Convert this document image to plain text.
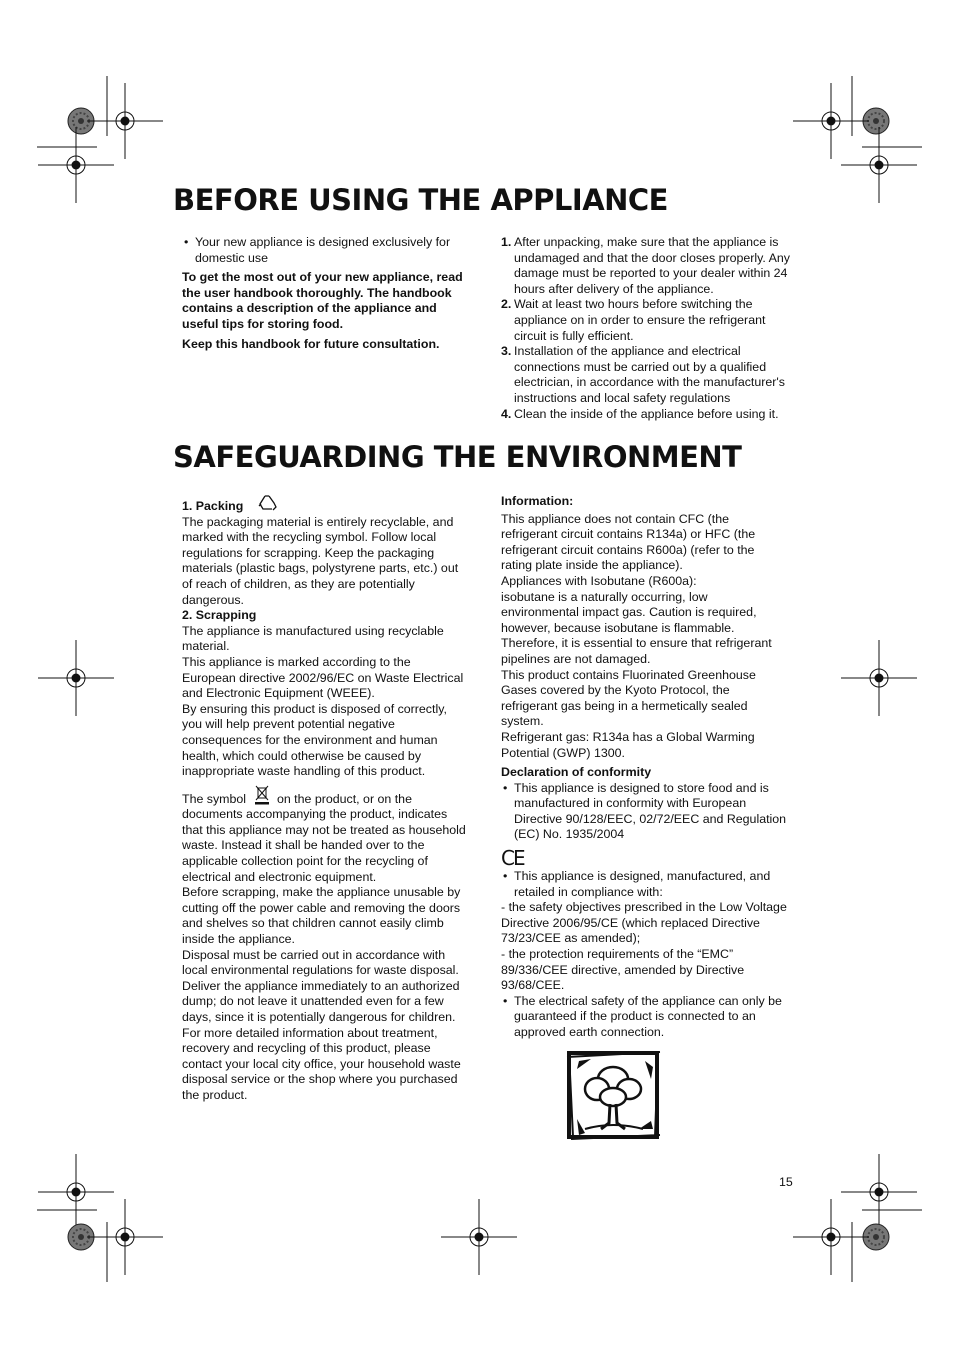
BEFORE USING THE APPLIANCE

• Your new appliance is designed exclusively for domestic use

To get the most out of your new appliance, read the user handbook thoroughly. The handbook contains a description of the appliance and useful tips for storing food.

Keep this handbook for future consultation.

1. After unpacking, make sure that the appliance is undamaged and that the door closes properly. Any damage must be reported to your dealer within 24 hours after delivery of the appliance.

2. Wait at least two hours before switching the appliance on in order to ensure the refrigerant circuit is fully efficient.

3. Installation of the appliance and electrical connections must be carried out by a qualified electrician, in accordance with the manufacturer's instructions and local safety regulations

4. Clean the inside of the appliance before using it.

SAFEGUARDING THE ENVIRONMENT

1. Packing

The packaging material is entirely recyclable, and marked with the recycling symbol. Follow local regulations for scrapping. Keep the packaging materials (plastic bags, polystyrene parts, etc.) out of reach of children, as they are potentially dangerous.

2. Scrapping

The appliance is manufactured using recyclable material.

This appliance is marked according to the European directive 2002/96/EC on Waste Electrical and Electronic Equipment (WEEE).

By ensuring this product is disposed of correctly, you will help prevent potential negative consequences for the environment and human health, which could otherwise be caused by inappropriate waste handling of this product.

The symbol on the product, or on the documents accompanying the product, indicates that this appliance may not be treated as household waste. Instead it shall be handed over to the applicable collection point for the recycling of electrical and electronic equipment.

Before scrapping, make the appliance unusable by cutting off the power cable and removing the doors and shelves so that children cannot easily climb inside the appliance.

Disposal must be carried out in accordance with local environmental regulations for waste disposal. Deliver the appliance immediately to an authorized dump; do not leave it unattended even for a few days, since it is potentially dangerous for children.

For more detailed information about treatment, recovery and recycling of this product, please contact your local city office, your household waste disposal service or the shop where you purchased the product.

Information:

This appliance does not contain CFC (the refrigerant circuit contains R134a) or HFC (the refrigerant circuit contains R600a) (refer to the rating plate inside the appliance).

Appliances with Isobutane (R600a):

isobutane is a naturally occurring, low environmental impact gas. Caution is required, however, because isobutane is flammable. Therefore, it is essential to ensure that refrigerant pipelines are not damaged.

This product contains Fluorinated Greenhouse Gases covered by the Kyoto Protocol, the refrigerant gas being in a hermetically sealed system.

Refrigerant gas: R134a has a Global Warming Potential (GWP) 1300.

Declaration of conformity

• This appliance is designed to store food and is manufactured in conformity with European Directive 90/128/EEC, 02/72/EEC and Regulation (EC) No. 1935/2004

CE

• This appliance is designed, manufactured, and retailed in compliance with:

- the safety objectives prescribed in the Low Voltage Directive 2006/95/CE (which replaced Directive 73/23/CEE as amended);

- the protection requirements of the “EMC” 89/336/CEE directive, amended by Directive 93/68/CEE.

• The electrical safety of the appliance can only be guaranteed if the product is connected to an approved earth connection.

15
